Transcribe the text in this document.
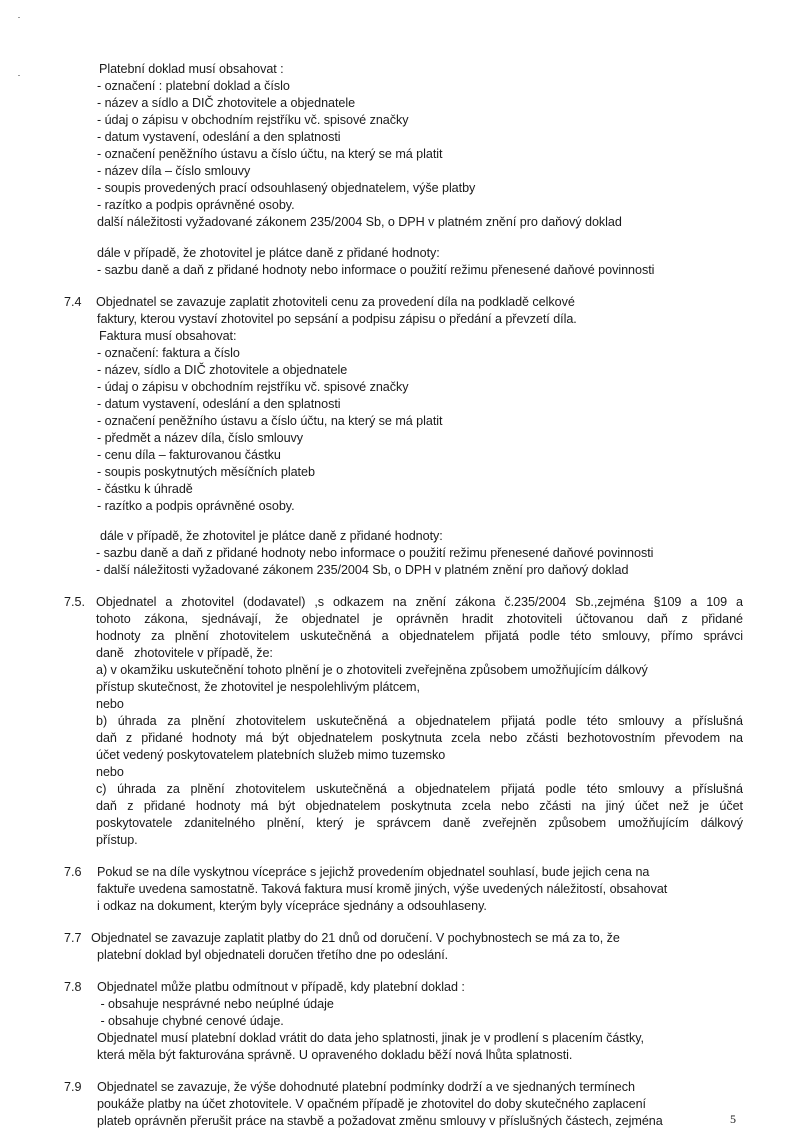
Platební doklad musí obsahovat :
- označení : platební doklad a číslo
- název a sídlo a DIČ zhotovitele a objednatele
- údaj o zápisu v obchodním rejstříku vč. spisové značky
- datum vystavení, odeslání a den splatnosti
- označení peněžního ústavu a číslo účtu, na který se má platit
- název díla – číslo smlouvy
- soupis provedených prací odsouhlasený objednatelem, výše platby
- razítko a podpis oprávněné osoby.
další náležitosti vyžadované zákonem 235/2004 Sb, o DPH v platném znění pro daňový doklad
dále v případě, že zhotovitel je plátce daně z přidané hodnoty:
- sazbu daně a daň z přidané hodnoty nebo informace o použití režimu přenesené daňové povinnosti
7.4 Objednatel se zavazuje zaplatit zhotoviteli cenu za provedení díla na podkladě celkové
faktury, kterou vystaví zhotovitel po sepsání a podpisu zápisu o předání a převzetí díla.
Faktura musí obsahovat:
- označení: faktura a číslo
- název, sídlo a DIČ zhotovitele a objednatele
- údaj o zápisu v obchodním rejstříku vč. spisové značky
- datum vystavení, odeslání a den splatnosti
- označení peněžního ústavu a číslo účtu, na který se má platit
- předmět a název díla, číslo smlouvy
- cenu díla – fakturovanou částku
- soupis poskytnutých měsíčních plateb
- částku k úhradě
- razítko a podpis oprávněné osoby.
dále v případě, že zhotovitel je plátce daně z přidané hodnoty:
- sazbu daně a daň z přidané hodnoty nebo informace o použití režimu přenesené daňové povinnosti
- další náležitosti vyžadované zákonem 235/2004 Sb, o DPH v platném znění pro daňový doklad
7.5. Objednatel a zhotovitel (dodavatel) ,s odkazem na znění zákona č.235/2004 Sb.,zejména §109 a 109 a
tohoto zákona, sjednávají, že objednatel je oprávněn hradit zhotoviteli účtovanou daň z přidané
hodnoty za plnění zhotovitelem uskutečněná a objednatelem přijatá podle této smlouvy, přímo správci
daně   zhotovitele v případě, že:
a) v okamžiku uskutečnění tohoto plnění je o zhotoviteli zveřejněna způsobem umožňujícím dálkový
přístup skutečnost, že zhotovitel je nespolehlivým plátcem,
nebo
b) úhrada za plnění zhotovitelem uskutečněná a objednatelem přijatá podle této smlouvy a příslušná
daň z přidané hodnoty má být objednatelem poskytnuta zcela nebo zčásti bezhotovostním převodem na
účet vedený poskytovatelem platebních služeb mimo tuzemsko
nebo
c) úhrada za plnění zhotovitelem uskutečněná a objednatelem přijatá podle této smlouvy a příslušná
daň z přidané hodnoty má být objednatelem poskytnuta zcela nebo zčásti na jiný účet než je účet
poskytovatele zdanitelného plnění, který je správcem daně zveřejněn způsobem umožňujícím dálkový
přístup.
7.6 Pokud se na díle vyskytnou vícepráce s jejichž provedením objednatel souhlasí, bude jejich cena na
faktuře uvedena samostatně. Taková faktura musí kromě jiných, výše uvedených náležitostí, obsahovat
i odkaz na dokument, kterým byly vícepráce sjednány a odsouhlaseny.
7.7 Objednatel se zavazuje zaplatit platby do 21 dnů od doručení. V pochybnostech se má za to, že
platební doklad byl objednateli doručen třetího dne po odeslání.
7.8 Objednatel může platbu odmítnout v případě, kdy platební doklad :
- obsahuje nesprávné nebo neúplné údaje
- obsahuje chybné cenové údaje.
Objednatel musí platební doklad vrátit do data jeho splatnosti, jinak je v prodlení s placením částky,
která měla být fakturována správně. U opraveného dokladu běží nová lhůta splatnosti.
7.9 Objednatel se zavazuje, že výše dohodnuté platební podmínky dodrží a ve sjednaných termínech
poukáže platby na účet zhotovitele. V opačném případě je zhotovitel do doby skutečného zaplacení
plateb oprávněn přerušit práce na stavbě a požadovat změnu smlouvy v příslušných částech, zejména	5
